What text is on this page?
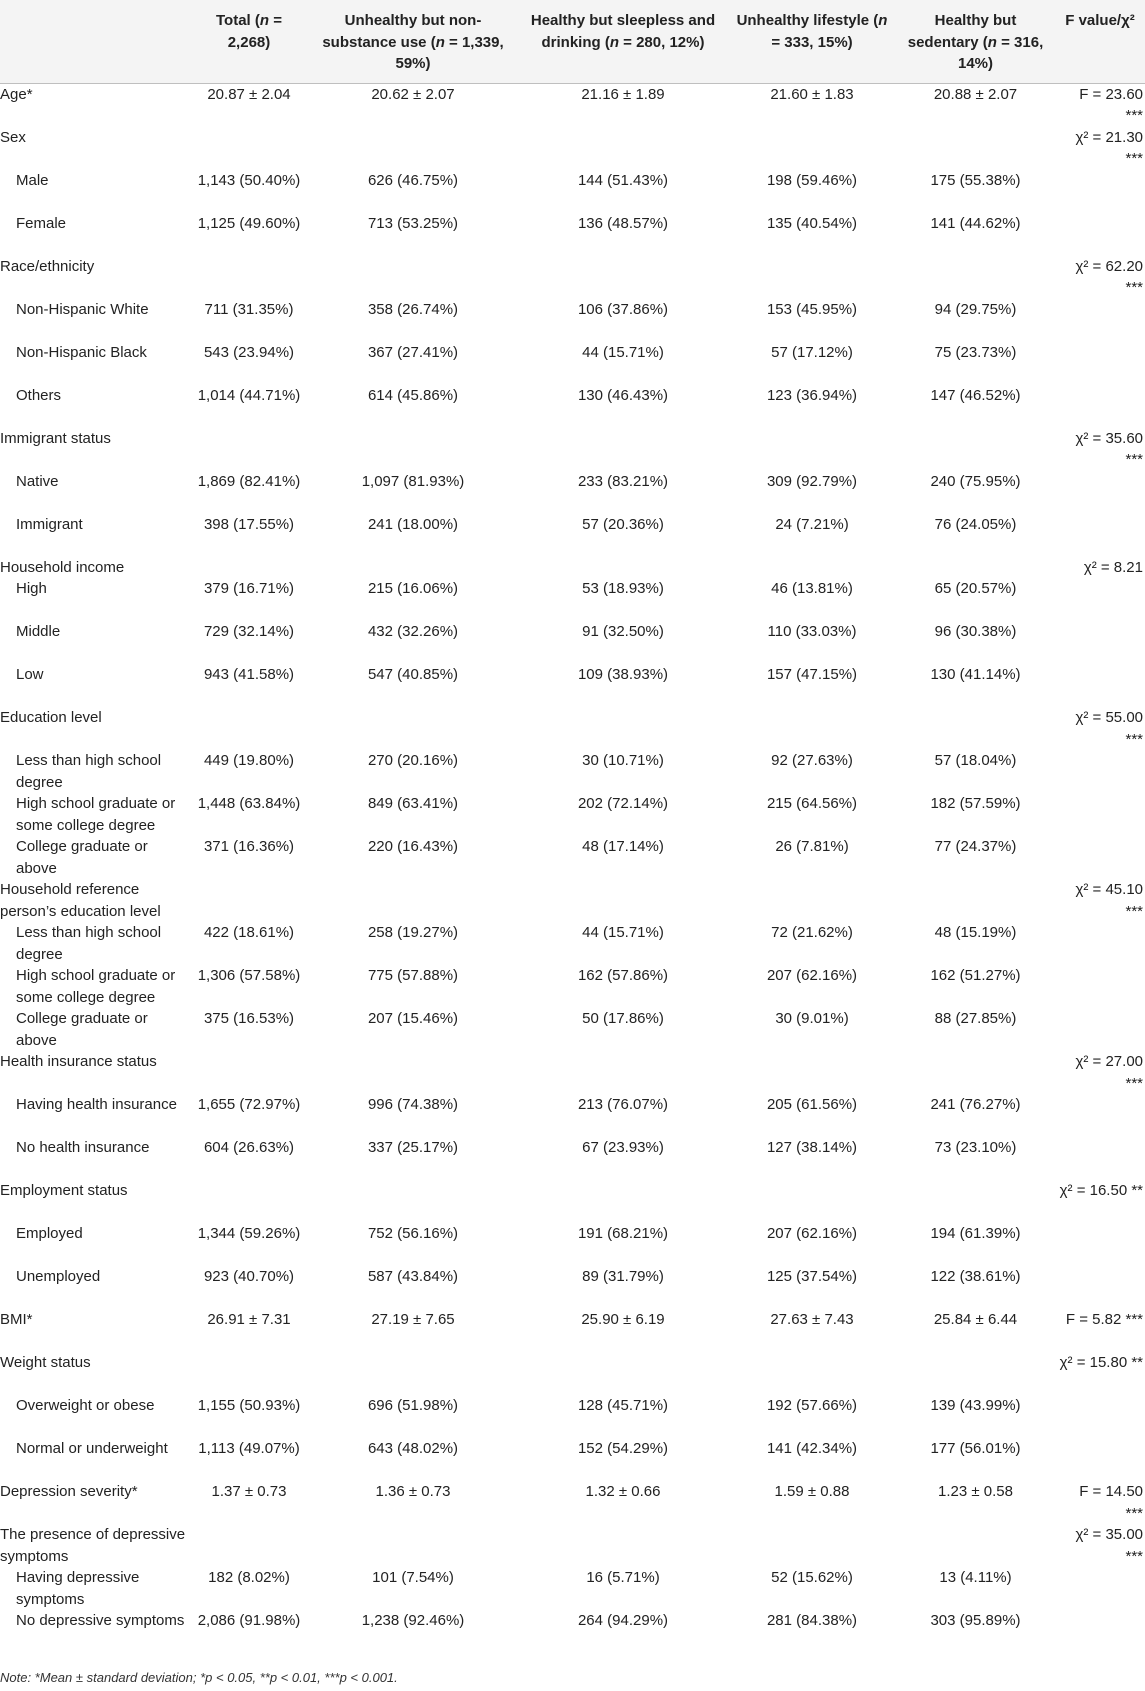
	Total (n = 2,268)	Unhealthy but non-substance use (n = 1,339, 59%)	Healthy but sleepless and drinking (n = 280, 12%)	Unhealthy lifestyle (n = 333, 15%)	Healthy but sedentary (n = 316, 14%)	F value/χ²
Age*	20.87 ± 2.04	20.62 ± 2.07	21.16 ± 1.89	21.60 ± 1.83	20.88 ± 2.07	F = 23.60 ***
Sex						χ² = 21.30 ***
Male	1,143 (50.40%)	626 (46.75%)	144 (51.43%)	198 (59.46%)	175 (55.38%)	
Female	1,125 (49.60%)	713 (53.25%)	136 (48.57%)	135 (40.54%)	141 (44.62%)	
Race/ethnicity						χ² = 62.20 ***
Non-Hispanic White	711 (31.35%)	358 (26.74%)	106 (37.86%)	153 (45.95%)	94 (29.75%)	
Non-Hispanic Black	543 (23.94%)	367 (27.41%)	44 (15.71%)	57 (17.12%)	75 (23.73%)	
Others	1,014 (44.71%)	614 (45.86%)	130 (46.43%)	123 (36.94%)	147 (46.52%)	
Immigrant status						χ² = 35.60 ***
Native	1,869 (82.41%)	1,097 (81.93%)	233 (83.21%)	309 (92.79%)	240 (75.95%)	
Immigrant	398 (17.55%)	241 (18.00%)	57 (20.36%)	24 (7.21%)	76 (24.05%)	
Household income						χ² = 8.21
High	379 (16.71%)	215 (16.06%)	53 (18.93%)	46 (13.81%)	65 (20.57%)	
Middle	729 (32.14%)	432 (32.26%)	91 (32.50%)	110 (33.03%)	96 (30.38%)	
Low	943 (41.58%)	547 (40.85%)	109 (38.93%)	157 (47.15%)	130 (41.14%)	
Education level						χ² = 55.00 ***
Less than high school degree	449 (19.80%)	270 (20.16%)	30 (10.71%)	92 (27.63%)	57 (18.04%)	
High school graduate or some college degree	1,448 (63.84%)	849 (63.41%)	202 (72.14%)	215 (64.56%)	182 (57.59%)	
College graduate or above	371 (16.36%)	220 (16.43%)	48 (17.14%)	26 (7.81%)	77 (24.37%)	
Household reference person’s education level						χ² = 45.10 ***
Less than high school degree	422 (18.61%)	258 (19.27%)	44 (15.71%)	72 (21.62%)	48 (15.19%)	
High school graduate or some college degree	1,306 (57.58%)	775 (57.88%)	162 (57.86%)	207 (62.16%)	162 (51.27%)	
College graduate or above	375 (16.53%)	207 (15.46%)	50 (17.86%)	30 (9.01%)	88 (27.85%)	
Health insurance status						χ² = 27.00 ***
Having health insurance	1,655 (72.97%)	996 (74.38%)	213 (76.07%)	205 (61.56%)	241 (76.27%)	
No health insurance	604 (26.63%)	337 (25.17%)	67 (23.93%)	127 (38.14%)	73 (23.10%)	
Employment status						χ² = 16.50 **
Employed	1,344 (59.26%)	752 (56.16%)	191 (68.21%)	207 (62.16%)	194 (61.39%)	
Unemployed	923 (40.70%)	587 (43.84%)	89 (31.79%)	125 (37.54%)	122 (38.61%)	
BMI*	26.91 ± 7.31	27.19 ± 7.65	25.90 ± 6.19	27.63 ± 7.43	25.84 ± 6.44	F = 5.82 ***
Weight status						χ² = 15.80 **
Overweight or obese	1,155 (50.93%)	696 (51.98%)	128 (45.71%)	192 (57.66%)	139 (43.99%)	
Normal or underweight	1,113 (49.07%)	643 (48.02%)	152 (54.29%)	141 (42.34%)	177 (56.01%)	
Depression severity*	1.37 ± 0.73	1.36 ± 0.73	1.32 ± 0.66	1.59 ± 0.88	1.23 ± 0.58	F = 14.50 ***
The presence of depressive symptoms						χ² = 35.00 ***
Having depressive symptoms	182 (8.02%)	101 (7.54%)	16 (5.71%)	52 (15.62%)	13 (4.11%)	
No depressive symptoms	2,086 (91.98%)	1,238 (92.46%)	264 (94.29%)	281 (84.38%)	303 (95.89%)	
Note: *Mean ± standard deviation; *p < 0.05, **p < 0.01, ***p < 0.001.
